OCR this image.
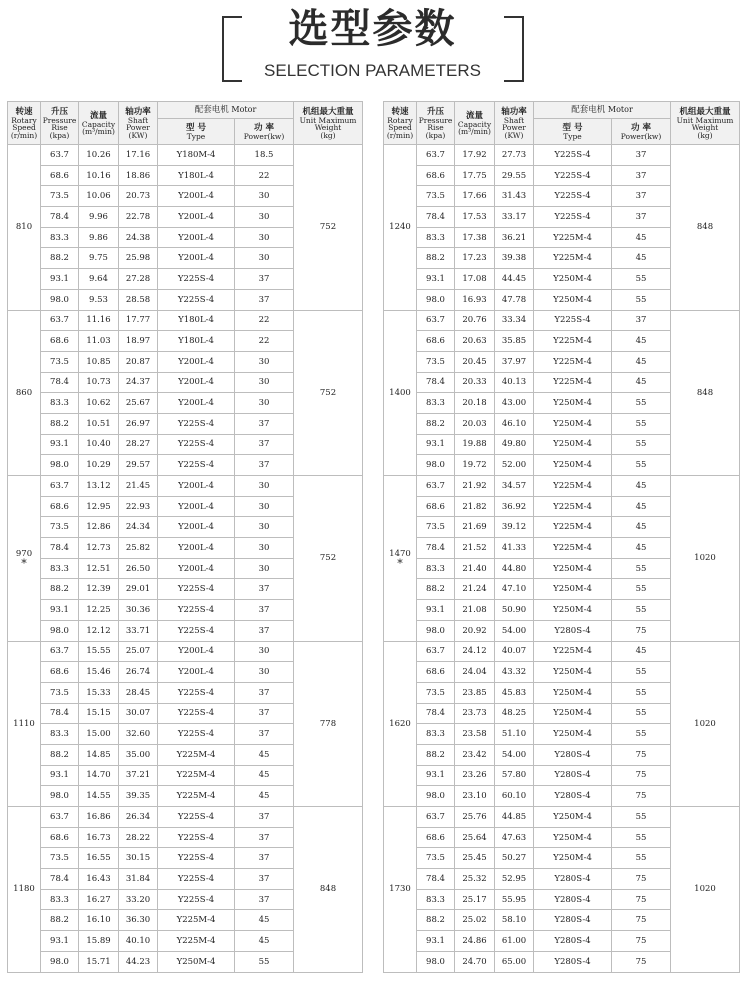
选型参数
SELECTION PARAMETERS
转速
Rotary
Speed
(r/min)	升压
Pressure
Rise
(kpa)	流量
Capacity
(m³/min)	轴功率
Shaft
Power
(KW)	配套电机 Motor		机组最大重量
Unit Maximum
Weight
(kg)

				型 号
Type	功 率
Power(kw)	

810	63.7	10.26	17.16	Y180M-4	18.5	752
	68.6	10.16	18.86	Y180L-4	22	
	73.5	10.06	20.73	Y200L-4	30	
	78.4	9.96	22.78	Y200L-4	30	
	83.3	9.86	24.38	Y200L-4	30	
	88.2	9.75	25.98	Y200L-4	30	
	93.1	9.64	27.28	Y225S-4	37	
	98.0	9.53	28.58	Y225S-4	37	

860	63.7	11.16	17.77	Y180L-4	22	752
	68.6	11.03	18.97	Y180L-4	22	
	73.5	10.85	20.87	Y200L-4	30	
	78.4	10.73	24.37	Y200L-4	30	
	83.3	10.62	25.67	Y200L-4	30	
	88.2	10.51	26.97	Y225S-4	37	
	93.1	10.40	28.27	Y225S-4	37	
	98.0	10.29	29.57	Y225S-4	37	

970
*	63.7	13.12	21.45	Y200L-4	30	752
	68.6	12.95	22.93	Y200L-4	30	
	73.5	12.86	24.34	Y200L-4	30	
	78.4	12.73	25.82	Y200L-4	30	
	83.3	12.51	26.50	Y200L-4	30	
	88.2	12.39	29.01	Y225S-4	37	
	93.1	12.25	30.36	Y225S-4	37	
	98.0	12.12	33.71	Y225S-4	37	

1110	63.7	15.55	25.07	Y200L-4	30	778
	68.6	15.46	26.74	Y200L-4	30	
	73.5	15.33	28.45	Y225S-4	37	
	78.4	15.15	30.07	Y225S-4	37	
	83.3	15.00	32.60	Y225S-4	37	
	88.2	14.85	35.00	Y225M-4	45	
	93.1	14.70	37.21	Y225M-4	45	
	98.0	14.55	39.35	Y225M-4	45	

1180	63.7	16.86	26.34	Y225S-4	37	848
	68.6	16.73	28.22	Y225S-4	37	
	73.5	16.55	30.15	Y225S-4	37	
	78.4	16.43	31.84	Y225S-4	37	
	83.3	16.27	33.20	Y225S-4	37	
	88.2	16.10	36.30	Y225M-4	45	
	93.1	15.89	40.10	Y225M-4	45	
	98.0	15.71	44.23	Y250M-4	55	
转速
Rotary
Speed
(r/min)	升压
Pressure
Rise
(kpa)	流量
Capacity
(m³/min)	轴功率
Shaft
Power
(KW)	配套电机 Motor		机组最大重量
Unit Maximum
Weight
(kg)

				型 号
Type	功 率
Power(kw)	

1240	63.7	17.92	27.73	Y225S-4	37	848
	68.6	17.75	29.55	Y225S-4	37	
	73.5	17.66	31.43	Y225S-4	37	
	78.4	17.53	33.17	Y225S-4	37	
	83.3	17.38	36.21	Y225M-4	45	
	88.2	17.23	39.38	Y225M-4	45	
	93.1	17.08	44.45	Y250M-4	55	
	98.0	16.93	47.78	Y250M-4	55	

1400	63.7	20.76	33.34	Y225S-4	37	848
	68.6	20.63	35.85	Y225M-4	45	
	73.5	20.45	37.97	Y225M-4	45	
	78.4	20.33	40.13	Y225M-4	45	
	83.3	20.18	43.00	Y250M-4	55	
	88.2	20.03	46.10	Y250M-4	55	
	93.1	19.88	49.80	Y250M-4	55	
	98.0	19.72	52.00	Y250M-4	55	

1470
*	63.7	21.92	34.57	Y225M-4	45	1020
	68.6	21.82	36.92	Y225M-4	45	
	73.5	21.69	39.12	Y225M-4	45	
	78.4	21.52	41.33	Y225M-4	45	
	83.3	21.40	44.80	Y250M-4	55	
	88.2	21.24	47.10	Y250M-4	55	
	93.1	21.08	50.90	Y250M-4	55	
	98.0	20.92	54.00	Y280S-4	75	

1620	63.7	24.12	40.07	Y225M-4	45	1020
	68.6	24.04	43.32	Y250M-4	55	
	73.5	23.85	45.83	Y250M-4	55	
	78.4	23.73	48.25	Y250M-4	55	
	83.3	23.58	51.10	Y250M-4	55	
	88.2	23.42	54.00	Y280S-4	75	
	93.1	23.26	57.80	Y280S-4	75	
	98.0	23.10	60.10	Y280S-4	75	

1730	63.7	25.76	44.85	Y250M-4	55	1020
	68.6	25.64	47.63	Y250M-4	55	
	73.5	25.45	50.27	Y250M-4	55	
	78.4	25.32	52.95	Y280S-4	75	
	83.3	25.17	55.95	Y280S-4	75	
	88.2	25.02	58.10	Y280S-4	75	
	93.1	24.86	61.00	Y280S-4	75	
	98.0	24.70	65.00	Y280S-4	75	
